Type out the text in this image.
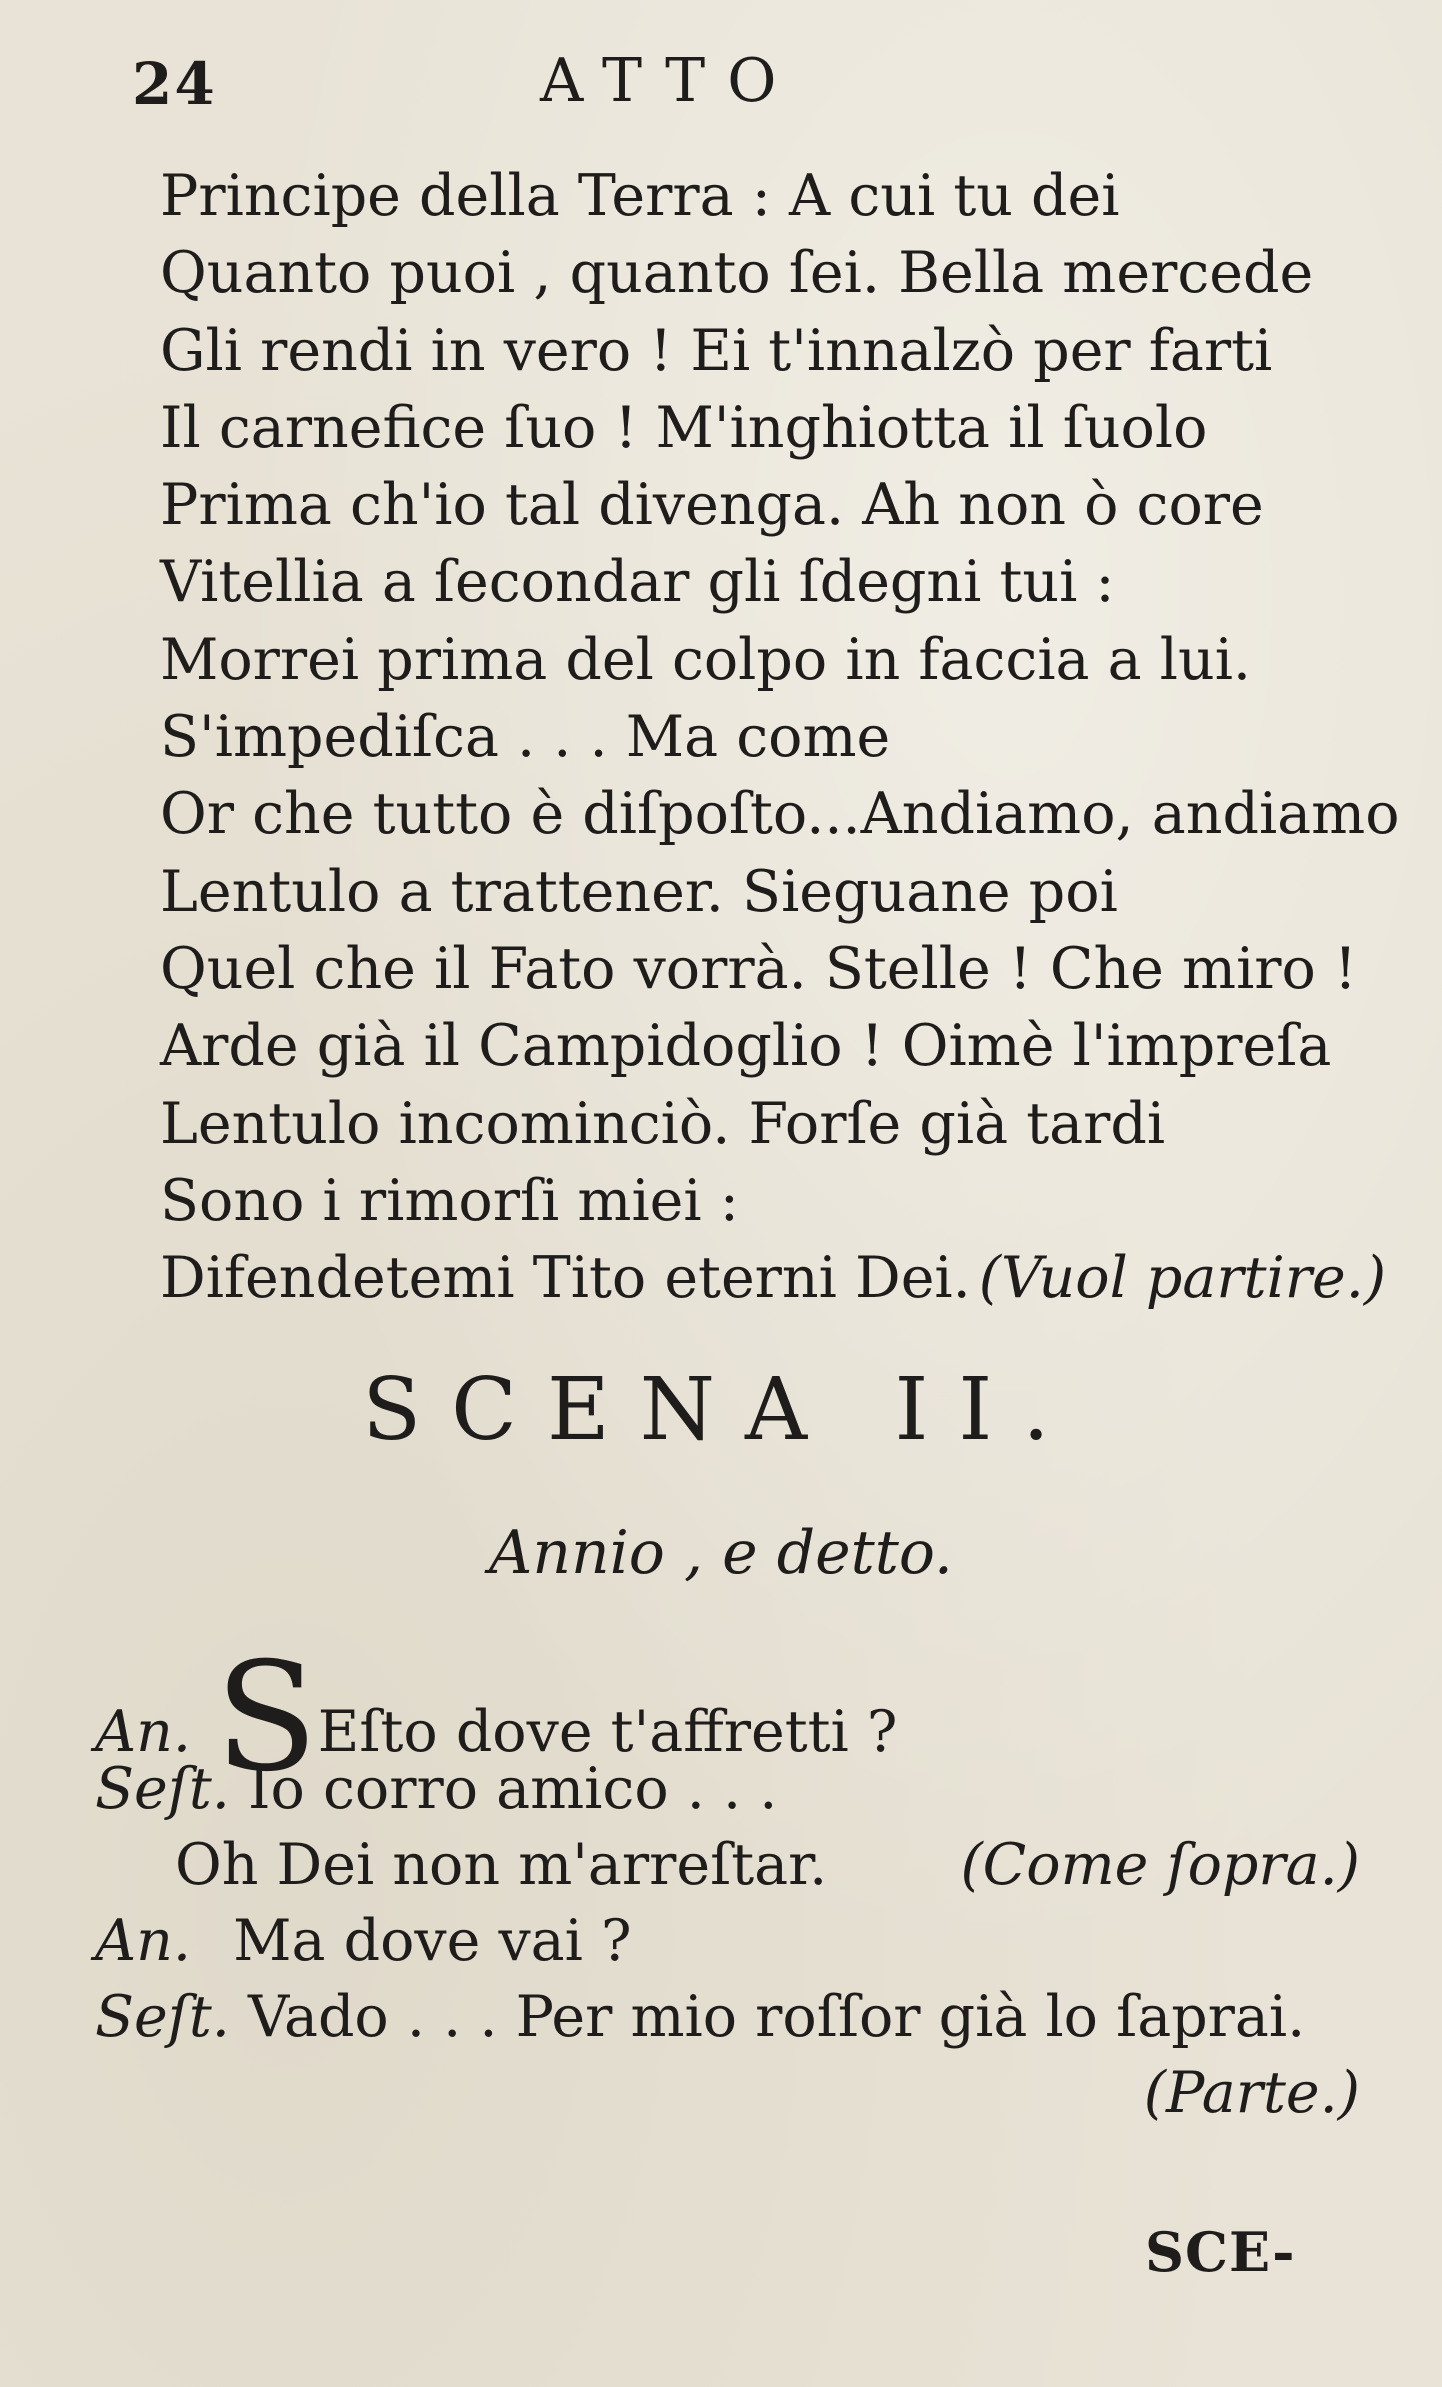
24	ATTO
Principe della Terra : A cui tu dei
Quanto puoi , quanto ſei. Bella mercede
Gli rendi in vero ! Ei t'innalzò per farti
Il carnefice ſuo ! M'inghiotta il ſuolo
Prima ch'io tal divenga. Ah non ò core
Vitellia a ſecondar gli ſdegni tui :
Morrei prima del colpo in faccia a lui.
S'impediſca . . . Ma come
Or che tutto è diſpoſto...Andiamo, andiamo
Lentulo a trattener. Sieguane poi
Quel che il Fato vorrà. Stelle ! Che miro !
Arde già il Campidoglio ! Oimè l'impreſa
Lentulo incominciò. Forſe già tardi
Sono i rimorſi miei :
Difendetemi Tito eterni Dei. (Vuol partire.)
SCENA II.
Annio , e detto.
An. SEſto dove t'affretti ?
Seſt. Io corro amico . . .
Oh Dei non m'arreſtar. (Come ſopra.)
An. Ma dove vai ?
Seſt. Vado . . . Per mio roſſor già lo ſaprai.
(Parte.)
SCE-
